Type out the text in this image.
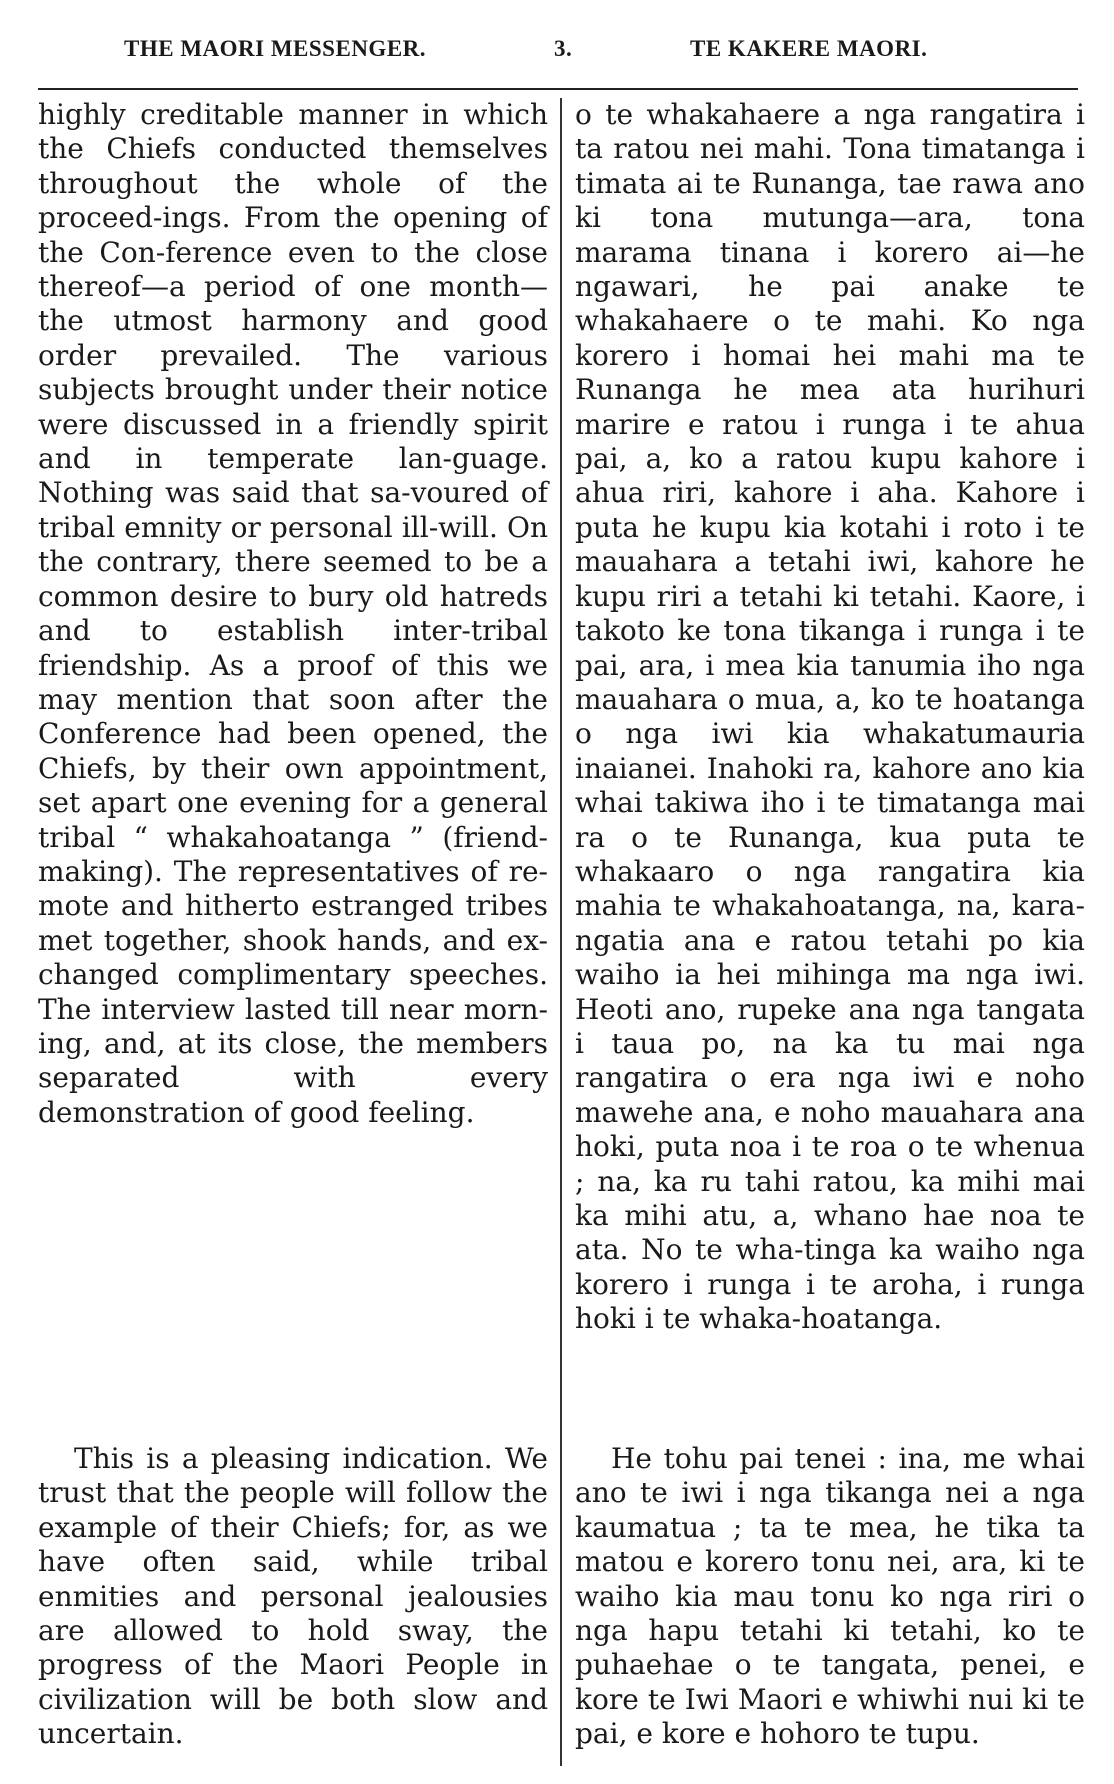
THE MAORI MESSENGER.	3.	TE KAKERE MAORI.

highly creditable manner in which the Chiefs conducted themselves throughout the whole of the proceed-ings. From the opening of the Con-ference even to the close thereof—a period of one month—the utmost harmony and good order prevailed. The various subjects brought under their notice were discussed in a friendly spirit and in temperate lan-guage. Nothing was said that sa-voured of tribal emnity or personal ill-will. On the contrary, there seemed to be a common desire to bury old hatreds and to establish inter-tribal friendship. As a proof of this we may mention that soon after the Conference had been opened, the Chiefs, by their own appointment, set apart one evening for a general tribal “ whakahoatanga ” (friend-making). The representatives of re-mote and hitherto estranged tribes met together, shook hands, and ex-changed complimentary speeches. The interview lasted till near morn-ing, and, at its close, the members separated with every demonstration of good feeling.

o te whakahaere a nga rangatira i ta ratou nei mahi. Tona timatanga i timata ai te Runanga, tae rawa ano ki tona mutunga—ara, tona marama tinana i korero ai—he ngawari, he pai anake te whakahaere o te mahi. Ko nga korero i homai hei mahi ma te Runanga he mea ata hurihuri marire e ratou i runga i te ahua pai, a, ko a ratou kupu kahore i ahua riri, kahore i aha. Kahore i puta he kupu kia kotahi i roto i te mauahara a tetahi iwi, kahore he kupu riri a tetahi ki tetahi. Kaore, i takoto ke tona tikanga i runga i te pai, ara, i mea kia tanumia iho nga mauahara o mua, a, ko te hoatanga o nga iwi kia whakatumauria inaianei. Inahoki ra, kahore ano kia whai takiwa iho i te timatanga mai ra o te Runanga, kua puta te whakaaro o nga rangatira kia mahia te whakahoatanga, na, kara-ngatia ana e ratou tetahi po kia waiho ia hei mihinga ma nga iwi. Heoti ano, rupeke ana nga tangata i taua po, na ka tu mai nga rangatira o era nga iwi e noho mawehe ana, e noho mauahara ana hoki, puta noa i te roa o te whenua ; na, ka ru tahi ratou, ka mihi mai ka mihi atu, a, whano hae noa te ata. No te wha-tinga ka waiho nga korero i runga i te aroha, i runga hoki i te whaka-hoatanga.

This is a pleasing indication. We trust that the people will follow the example of their Chiefs; for, as we have often said, while tribal enmities and personal jealousies are allowed to hold sway, the progress of the Maori People in civilization will be both slow and uncertain.

He tohu pai tenei : ina, me whai ano te iwi i nga tikanga nei a nga kaumatua ; ta te mea, he tika ta matou e korero tonu nei, ara, ki te waiho kia mau tonu ko nga riri o nga hapu tetahi ki tetahi, ko te puhaehae o te tangata, penei, e kore te Iwi Maori e whiwhi nui ki te pai, e kore e hohoro te tupu.
